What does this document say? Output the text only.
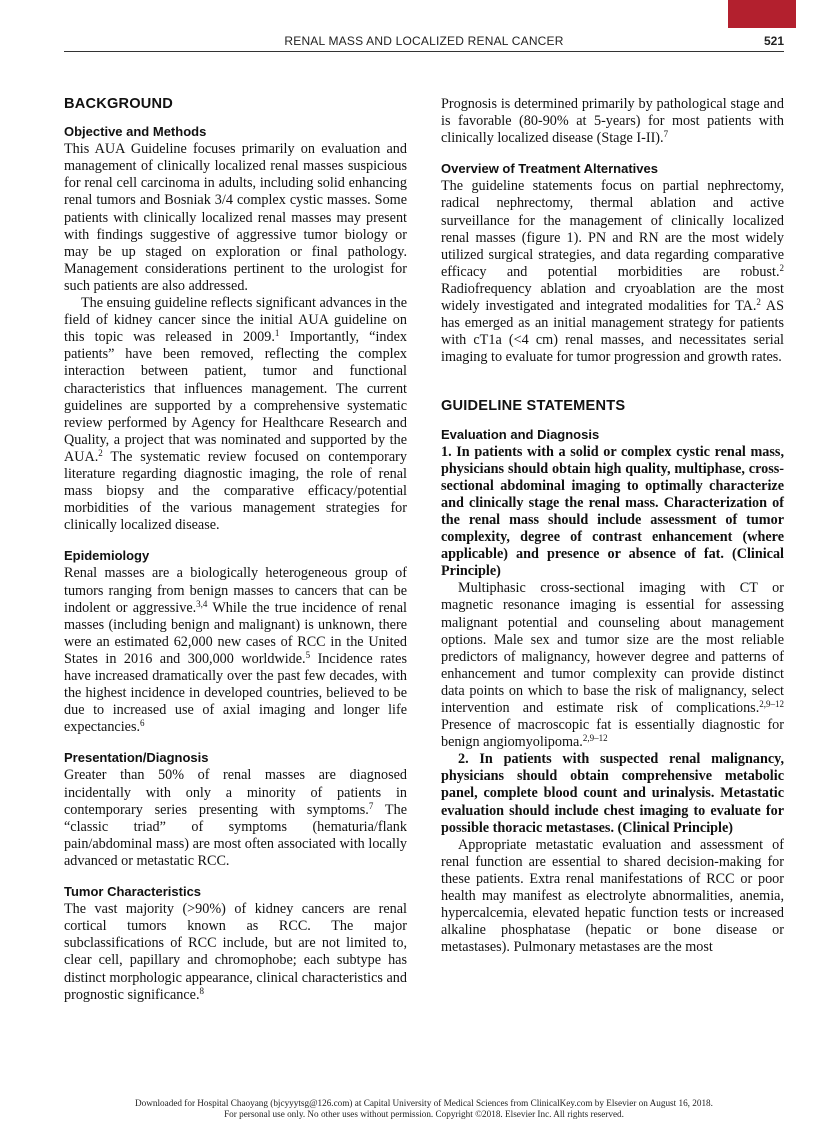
RENAL MASS AND LOCALIZED RENAL CANCER	521
BACKGROUND
Objective and Methods

This AUA Guideline focuses primarily on evaluation and management of clinically localized renal masses suspicious for renal cell carcinoma in adults, including solid enhancing renal tumors and Bosniak 3/4 complex cystic masses. Some patients with clinically localized renal masses may present with findings suggestive of aggressive tumor biology or may be up staged on exploration or final pathology. Management considerations pertinent to the urologist for such patients are also addressed.

The ensuing guideline reflects significant advances in the field of kidney cancer since the initial AUA guideline on this topic was released in 2009.$^1$ Importantly, “index patients” have been removed, reflecting the complex interaction between patient, tumor and functional characteristics that influences management. The current guidelines are supported by a comprehensive systematic review performed by Agency for Healthcare Research and Quality, a project that was nominated and supported by the AUA.$^2$ The systematic review focused on contemporary literature regarding diagnostic imaging, the role of renal mass biopsy and the comparative efficacy/potential morbidities of the various management strategies for clinically localized disease.

Epidemiology

Renal masses are a biologically heterogeneous group of tumors ranging from benign masses to cancers that can be indolent or aggressive.$^{3,4}$ While the true incidence of renal masses (including benign and malignant) is unknown, there were an estimated 62,000 new cases of RCC in the United States in 2016 and 300,000 worldwide.$^5$ Incidence rates have increased dramatically over the past few decades, with the highest incidence in developed countries, believed to be due to increased use of axial imaging and longer life expectancies.$^6$

Presentation/Diagnosis

Greater than 50% of renal masses are diagnosed incidentally with only a minority of patients in contemporary series presenting with symptoms.$^7$ The “classic triad” of symptoms (hematuria/flank pain/abdominal mass) are most often associated with locally advanced or metastatic RCC.

Tumor Characteristics

The vast majority (>90%) of kidney cancers are renal cortical tumors known as RCC. The major subclassifications of RCC include, but are not limited to, clear cell, papillary and chromophobe; each subtype has distinct morphologic appearance, clinical characteristics and prognostic significance.$^8$

Prognosis is determined primarily by pathological stage and is favorable (80-90% at 5-years) for most patients with clinically localized disease (Stage I-II).$^7$

Overview of Treatment Alternatives

The guideline statements focus on partial nephrectomy, radical nephrectomy, thermal ablation and active surveillance for the management of clinically localized renal masses (figure 1). PN and RN are the most widely utilized surgical strategies, and data regarding comparative efficacy and potential morbidities are robust.$^2$ Radiofrequency ablation and cryoablation are the most widely investigated and integrated modalities for TA.$^2$ AS has emerged as an initial management strategy for patients with cT1a (<4 cm) renal masses, and necessitates serial imaging to evaluate for tumor progression and growth rates.

GUIDELINE STATEMENTS
Evaluation and Diagnosis

1. In patients with a solid or complex cystic renal mass, physicians should obtain high quality, multiphase, cross-sectional abdominal imaging to optimally characterize and clinically stage the renal mass. Characterization of the renal mass should include assessment of tumor complexity, degree of contrast enhancement (where applicable) and presence or absence of fat. (Clinical Principle)

Multiphasic cross-sectional imaging with CT or magnetic resonance imaging is essential for assessing malignant potential and counseling about management options. Male sex and tumor size are the most reliable predictors of malignancy, however degree and patterns of enhancement and tumor complexity can provide distinct data points on which to base the risk of malignancy, select intervention and estimate risk of complications.$^{2,9-12}$ Presence of macroscopic fat is essentially diagnostic for benign angiomyolipoma.$^{2,9-12}$

2. In patients with suspected renal malignancy, physicians should obtain comprehensive metabolic panel, complete blood count and urinalysis. Metastatic evaluation should include chest imaging to evaluate for possible thoracic metastases. (Clinical Principle)

Appropriate metastatic evaluation and assessment of renal function are essential to shared decision-making for these patients. Extra renal manifestations of RCC or poor health may manifest as electrolyte abnormalities, anemia, hypercalcemia, elevated hepatic function tests or increased alkaline phosphatase (hepatic or bone disease or metastases). Pulmonary metastases are the most

Downloaded for Hospital Chaoyang (bjcyyytsg@126.com) at Capital University of Medical Sciences from ClinicalKey.com by Elsevier on August 16, 2018.
For personal use only. No other uses without permission. Copyright ©2018. Elsevier Inc. All rights reserved.
